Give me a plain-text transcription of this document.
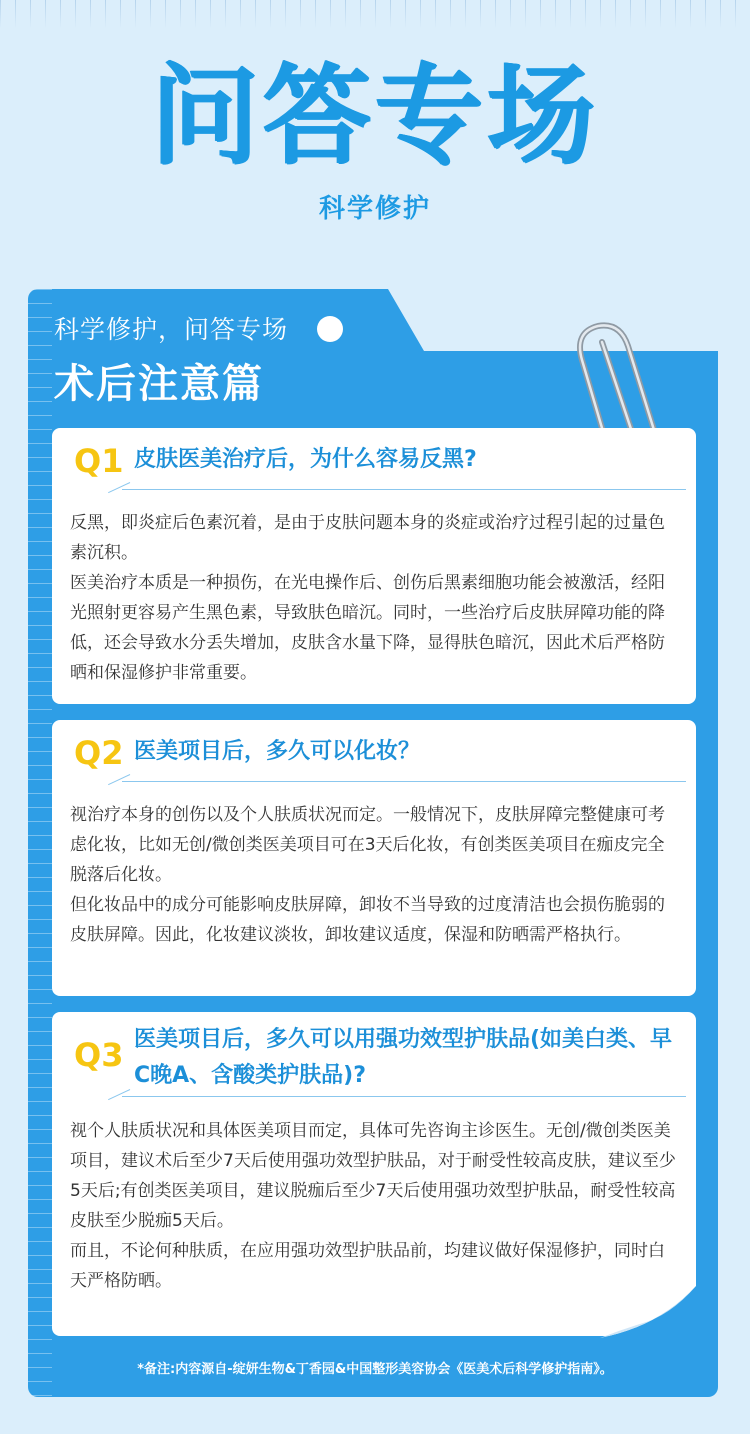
问答专场
科学修护
科学修护，问答专场
术后注意篇
Q1 皮肤医美治疗后，为什么容易反黑?

反黑，即炎症后色素沉着，是由于皮肤问题本身的炎症或治疗过程引起的过量色素沉积。

医美治疗本质是一种损伤，在光电操作后、创伤后黑素细胞功能会被激活，经阳光照射更容易产生黑色素，导致肤色暗沉。同时，一些治疗后皮肤屏障功能的降低，还会导致水分丢失增加，皮肤含水量下降，显得肤色暗沉，因此术后严格防晒和保湿修护非常重要。

Q2 医美项目后，多久可以化妆？

视治疗本身的创伤以及个人肤质状况而定。一般情况下，皮肤屏障完整健康可考虑化妆，比如无创/微创类医美项目可在3天后化妆，有创类医美项目在痂皮完全脱落后化妆。

但化妆品中的成分可能影响皮肤屏障，卸妆不当导致的过度清洁也会损伤脆弱的皮肤屏障。因此，化妆建议淡妆，卸妆建议适度，保湿和防晒需严格执行。

Q3 医美项目后，多久可以用强功效型护肤品(如美白类、早C晚A、含酸类护肤品)?

视个人肤质状况和具体医美项目而定，具体可先咨询主诊医生。无创/微创类医美项目，建议术后至少7天后使用强功效型护肤品，对于耐受性较高皮肤，建议至少5天后;有创类医美项目，建议脱痂后至少7天后使用强功效型护肤品，耐受性较高皮肤至少脱痂5天后。

而且，不论何种肤质，在应用强功效型护肤品前，均建议做好保湿修护，同时白天严格防晒。

*备注:内容源自-绽妍生物&丁香园&中国整形美容协会《医美术后科学修护指南》。
